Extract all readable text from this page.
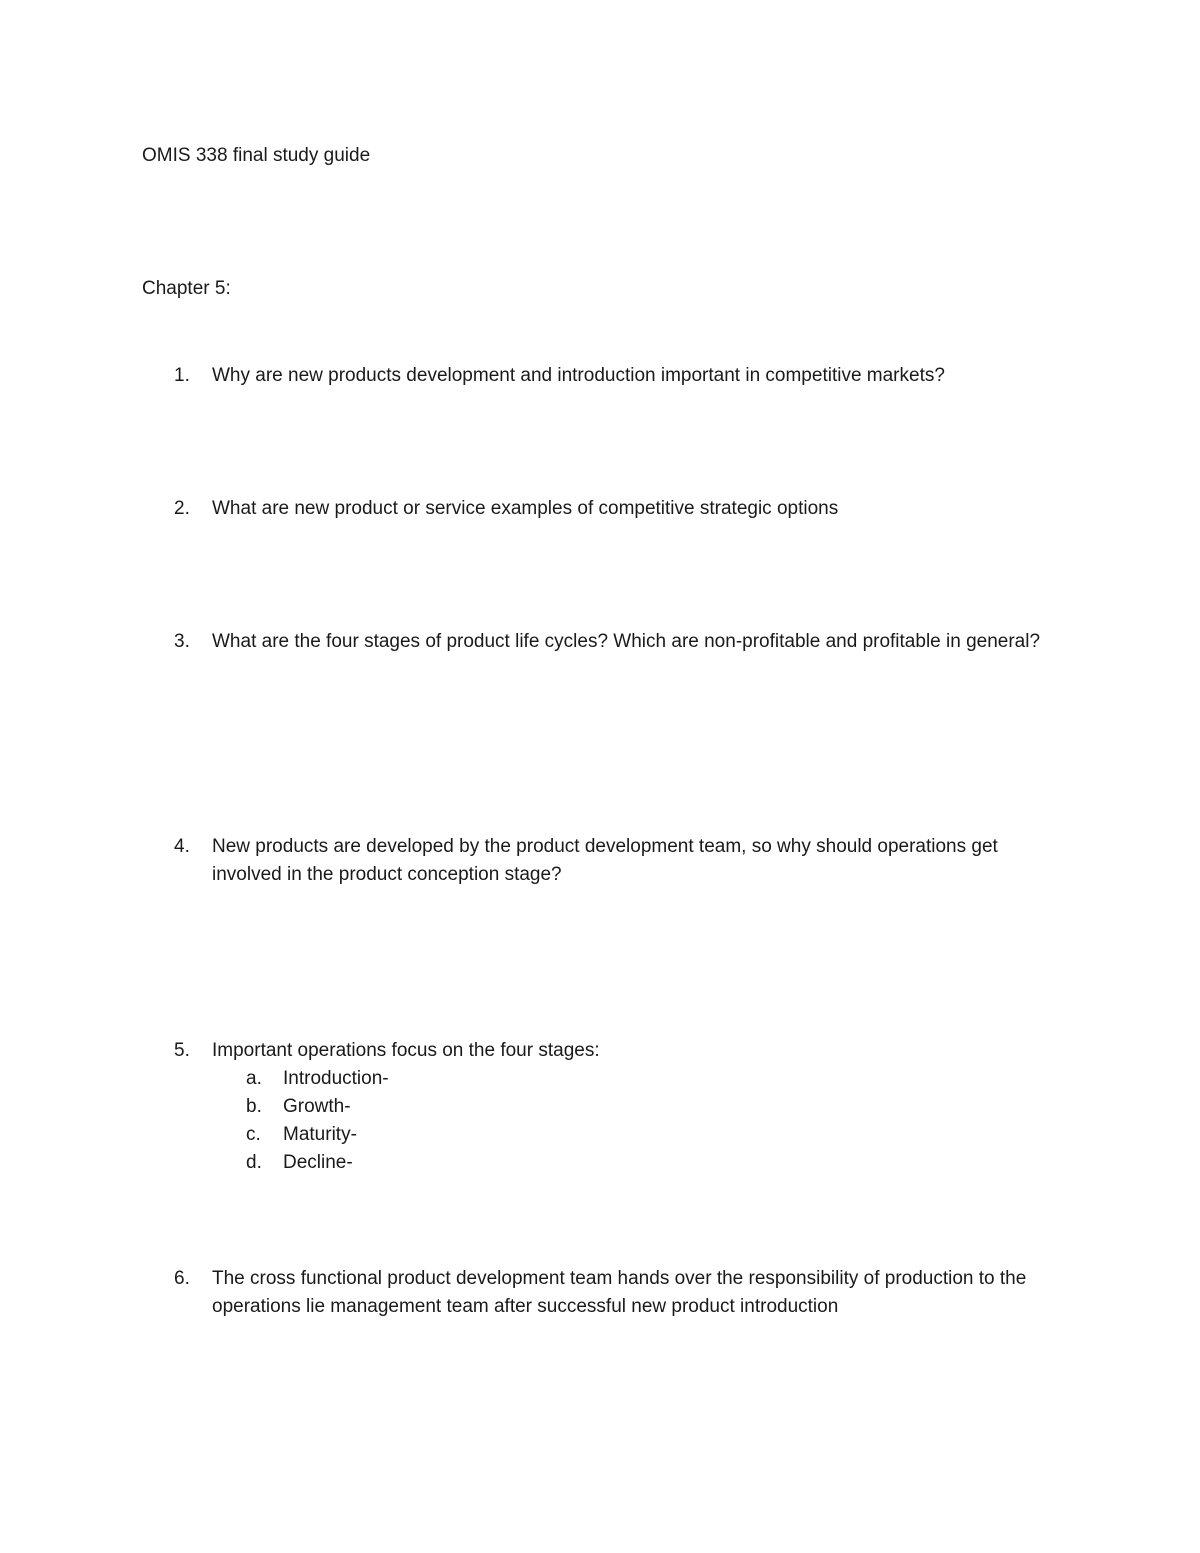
OMIS 338 final study guide
Chapter 5:
1. Why are new products development and introduction important in competitive markets?
2. What are new product or service examples of competitive strategic options
3. What are the four stages of product life cycles? Which are non-profitable and profitable in general?
4. New products are developed by the product development team, so why should operations get involved in the product conception stage?
5. Important operations focus on the four stages:
a. Introduction-
b. Growth-
c. Maturity-
d. Decline-
6. The cross functional product development team hands over the responsibility of production to the operations lie management team after successful new product introduction
